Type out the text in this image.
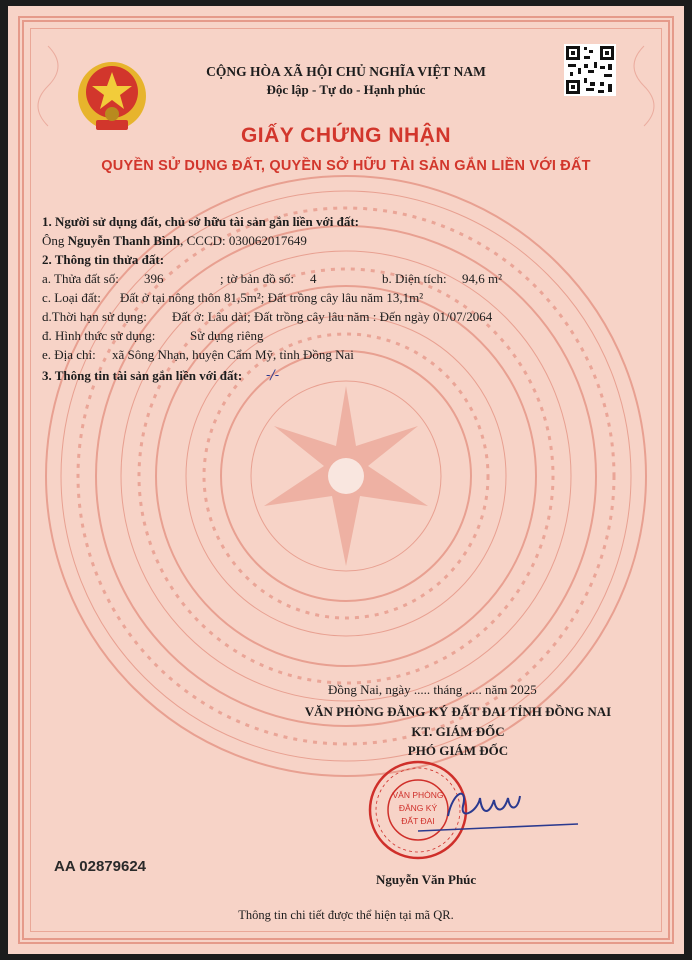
CỘNG HÒA XÃ HỘI CHỦ NGHĨA VIỆT NAM
Độc lập - Tự do - Hạnh phúc
GIẤY CHỨNG NHẬN
QUYỀN SỬ DỤNG ĐẤT, QUYỀN SỞ HỮU TÀI SẢN GẮN LIỀN VỚI ĐẤT
1. Người sử dụng đất, chủ sở hữu tài sản gắn liền với đất:
Ông Nguyễn Thanh Bình, CCCD: 030062017649
2. Thông tin thửa đất:
a. Thửa đất số: 396	; tờ bản đồ số: 4	b. Diện tích: 94,6 m²
c. Loại đất: Đất ở tại nông thôn 81,5m²; Đất trồng cây lâu năm 13,1m²
d.Thời hạn sử dụng: Đất ở: Lâu dài; Đất trồng cây lâu năm : Đến ngày 01/07/2064
đ. Hình thức sử dụng:	Sử dụng riêng
e. Địa chỉ: xã Sông Nhạn, huyện Cẩm Mỹ, tỉnh Đồng Nai
3. Thông tin tài sản gắn liền với đất: -/-
Đồng Nai, ngày ..... tháng ..... năm 2025
VĂN PHÒNG ĐĂNG KÝ ĐẤT ĐAI TỈNH ĐỒNG NAI
KT. GIÁM ĐỐC
PHÓ GIÁM ĐỐC
VĂN PHÒNG
ĐĂNG KÝ
ĐẤT ĐAI
Nguyễn Văn Phúc
AA 02879624
Thông tin chi tiết được thể hiện tại mã QR.
